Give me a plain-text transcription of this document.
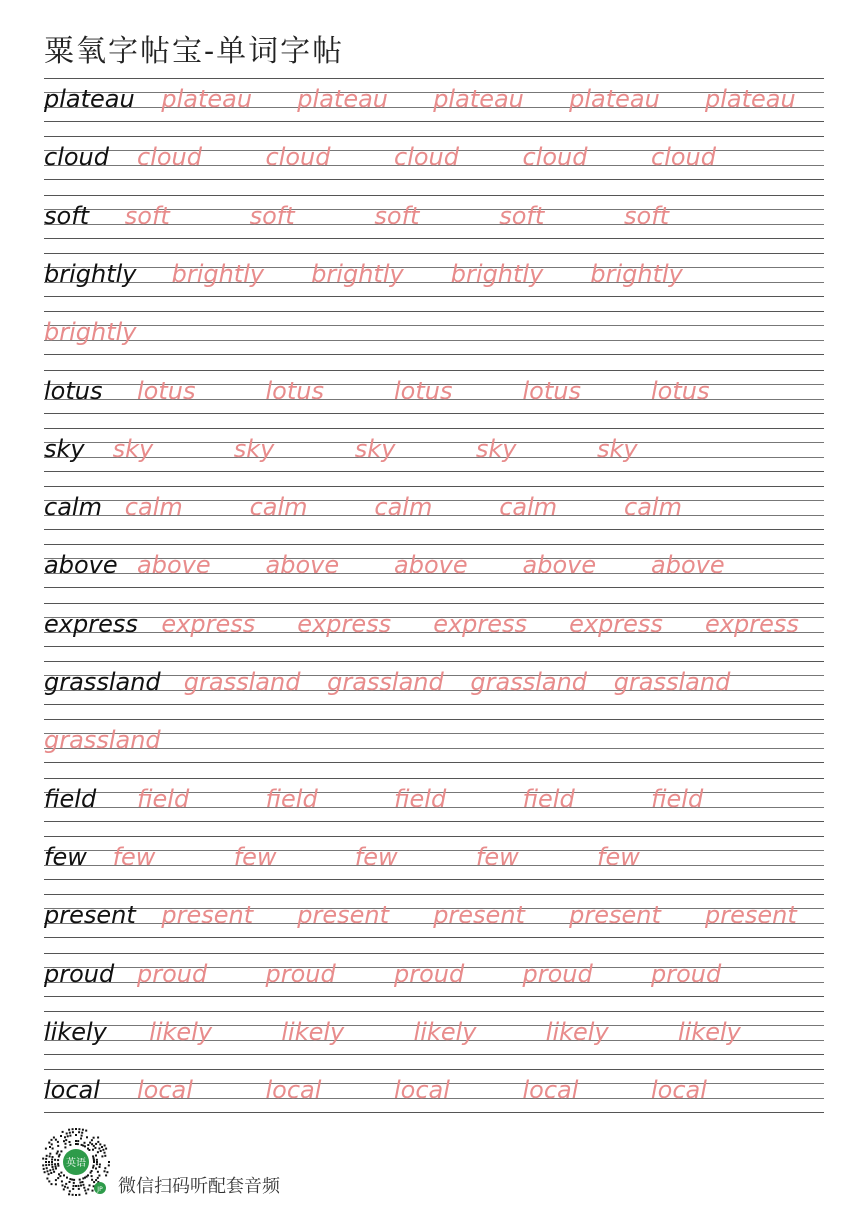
粟氧字帖宝-单词字帖
plateau plateau plateau plateau plateau plateau
cloud cloud	cloud	cloud	cloud	cloud
soft soft	soft	soft	soft	soft
brightly brightly brightly brightly brightly
brightly
lotus lotus	lotus	lotus	lotus	lotus
sky sky	sky	sky	sky	sky
calm calm	calm	calm	calm	calm
above above above above above above
express express express express express express
grassland grassland grassland grassland grassland
grassland
field field	field	field	field	field
few few	few	few	few	few
present present present present present present
proud proud proud proud proud proud
likely likely	likely	likely	likely	likely
local local	local	local	local	local
英语
JP 微信扫码听配套音频
